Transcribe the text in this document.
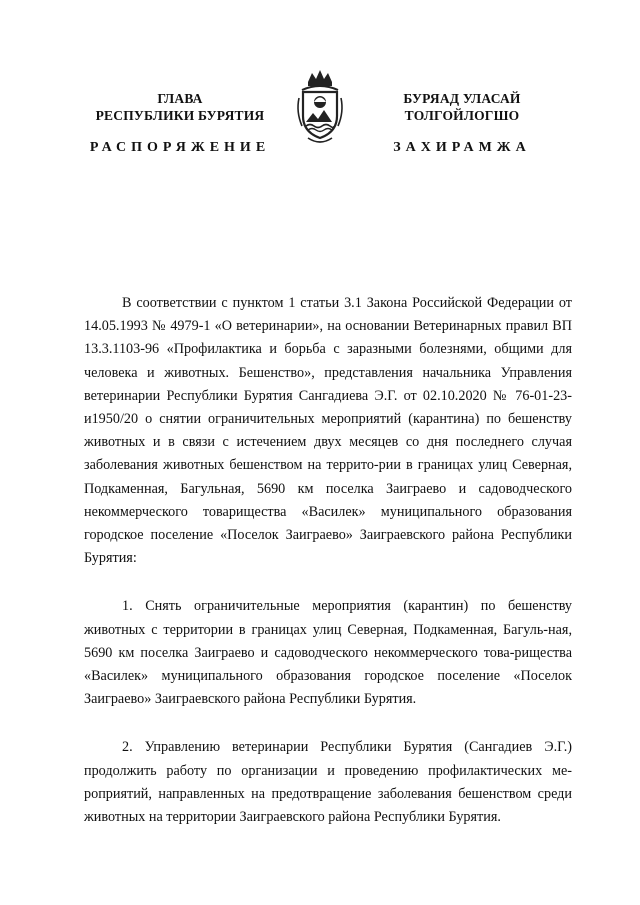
ГЛАВА
РЕСПУБЛИКИ БУРЯТИЯ
БУРЯАД УЛАСАЙ
ТОЛГОЙЛОГШО
РАСПОРЯЖЕНИЕ	ЗАХИРАМЖА

В соответствии с пунктом 1 статьи 3.1 Закона Российской Федерации от 14.05.1993 № 4979-1 «О ветеринарии», на основании Ветеринарных правил ВП 13.3.1103-96 «Профилактика и борьба с заразными болезнями, общими для человека и животных. Бешенство», представления начальника Управления ветеринарии Республики Бурятия Сангадиева Э.Г. от 02.10.2020 № 76-01-23-и1950/20 о снятии ограничительных мероприятий (карантина) по бешенству животных и в связи с истечением двух месяцев со дня последнего случая заболевания животных бешенством на террито-рии в границах улиц Северная, Подкаменная, Багульная, 5690 км поселка Заиграево и садоводческого некоммерческого товарищества «Василек» муниципального образования городское поселение «Поселок Заиграево» Заиграевского района Республики Бурятия:

1. Снять ограничительные мероприятия (карантин) по бешенству животных с территории в границах улиц Северная, Подкаменная, Багуль-ная, 5690 км поселка Заиграево и садоводческого некоммерческого това-рищества «Василек» муниципального образования городское поселение «Поселок Заиграево» Заиграевского района Республики Бурятия.

2. Управлению ветеринарии Республики Бурятия (Сангадиев Э.Г.) продолжить работу по организации и проведению профилактических ме-роприятий, направленных на предотвращение заболевания бешенством среди животных на территории Заиграевского района Республики Бурятия.
